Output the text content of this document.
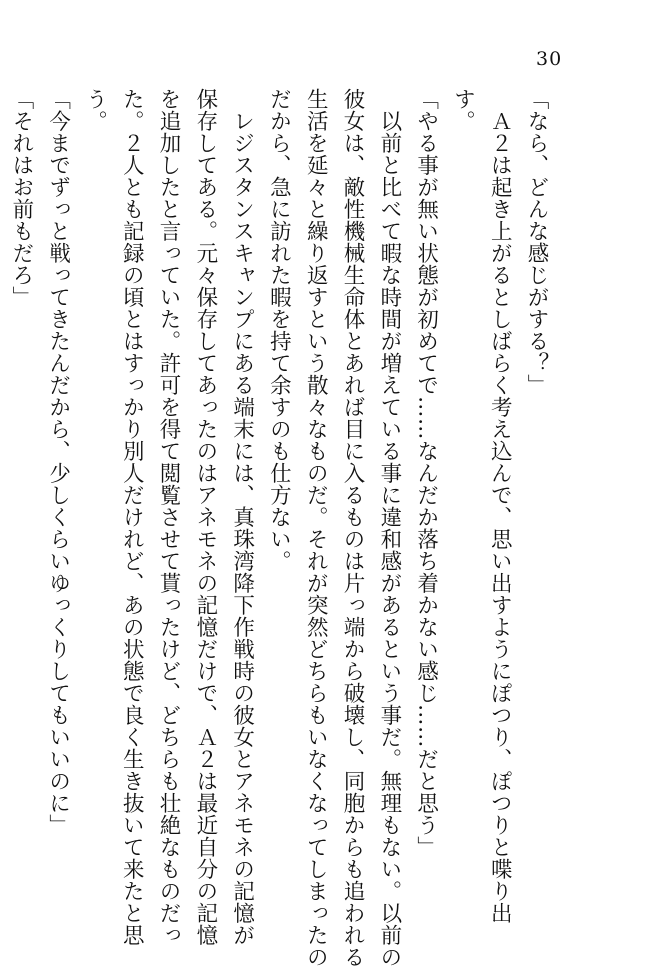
30

「なら、どんな感じがする？」

　Ａ２は起き上がるとしばらく考え込んで、思い出すようにぽつり、ぽつりと喋り出

す。

「やる事が無い状態が初めてで……なんだか落ち着かない感じ……だと思う」

　以前と比べて暇な時間が増えている事に違和感があるという事だ。無理もない。以前の

彼女は、敵性機械生命体とあれば目に入るものは片っ端から破壊し、同胞からも追われる

生活を延々と繰り返すという散々なものだ。それが突然どちらもいなくなってしまったの

だから、急に訪れた暇を持て余すのも仕方ない。

　レジスタンスキャンプにある端末には、真珠湾降下作戦時の彼女とアネモネの記憶が

保存してある。元々保存してあったのはアネモネの記憶だけで、Ａ２は最近自分の記憶

を追加したと言っていた。許可を得て閲覧させて貰ったけど、どちらも壮絶なものだっ

た。２人とも記録の頃とはすっかり別人だけれど、あの状態で良く生き抜いて来たと思

う。

「今までずっと戦ってきたんだから、少しくらいゆっくりしてもいいのに」

「それはお前もだろ」
